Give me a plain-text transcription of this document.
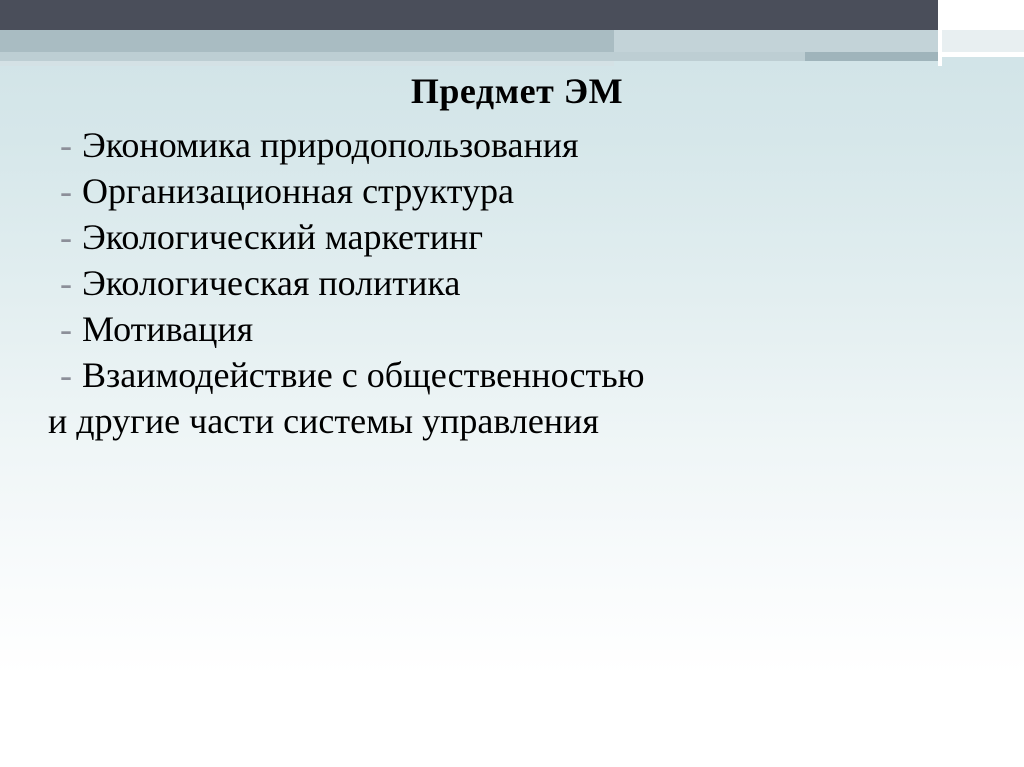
Предмет ЭМ
- Экономика природопользования
- Организационная структура
- Экологический маркетинг
- Экологическая политика
- Мотивация
- Взаимодействие с общественностью
и другие части системы управления
